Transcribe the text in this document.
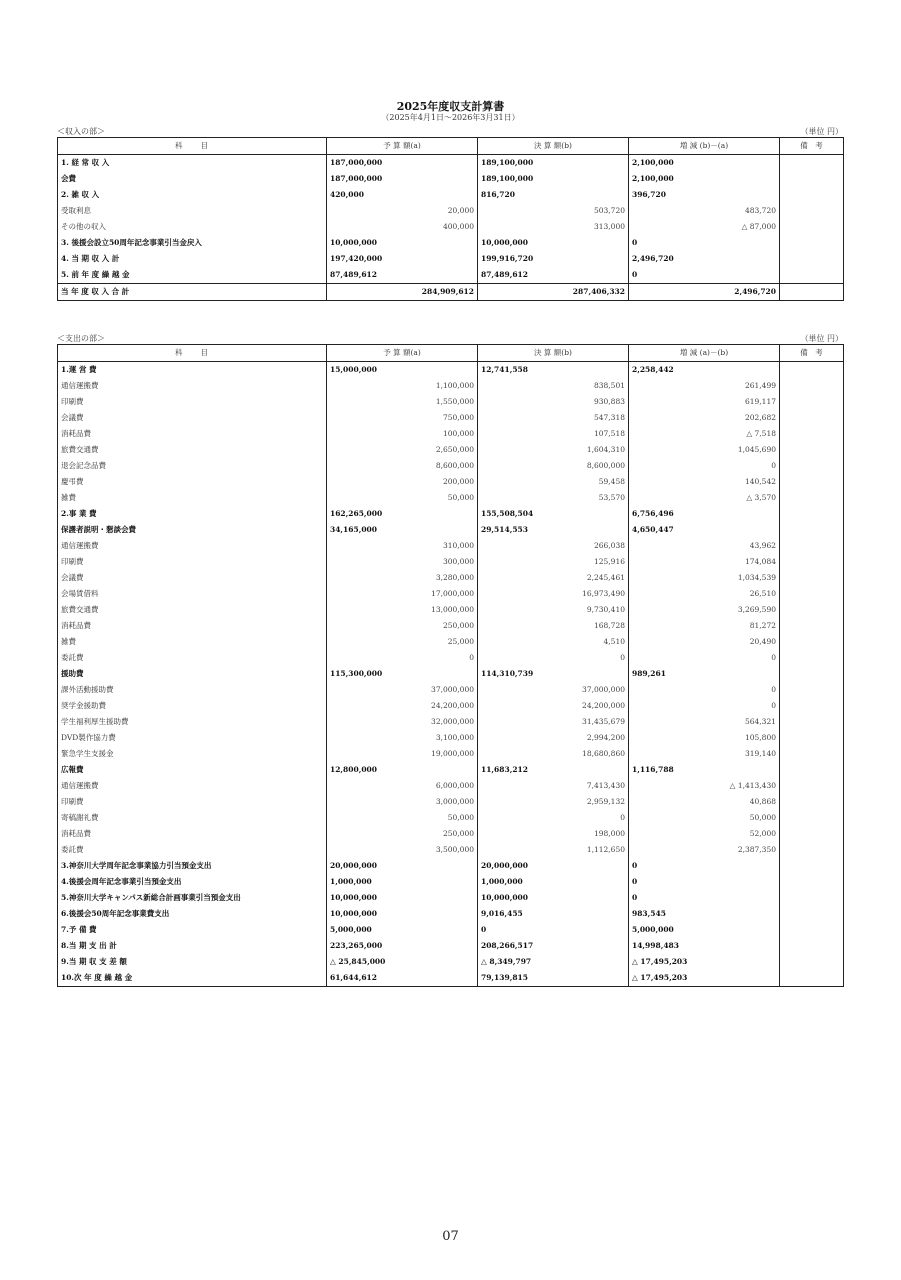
2025年度収支計算書
（2025年4月1日～2026年3月31日）
＜収入の部＞	（単位 円）
科　　目	予 算 額(a)	決 算 額(b)	増 減 (b)－(a)	備　考
1. 経 常 収 入	187,000,000	189,100,000	2,100,000	
会費	187,000,000	189,100,000	2,100,000	
2. 雑 収 入	420,000	816,720	396,720	
受取利息	20,000	503,720	483,720	
その他の収入	400,000	313,000	△ 87,000	
3. 後援会設立50周年記念事業引当金戻入	10,000,000	10,000,000	0	
4. 当 期 収 入 計	197,420,000	199,916,720	2,496,720	
5. 前 年 度 繰 越 金	87,489,612	87,489,612	0	
当 年 度 収 入 合 計	284,909,612	287,406,332	2,496,720	
＜支出の部＞	（単位 円）
科　　目	予 算 額(a)	決 算 額(b)	増 減 (a)－(b)	備　考
1.運 営 費	15,000,000	12,741,558	2,258,442	
通信運搬費	1,100,000	838,501	261,499	
印刷費	1,550,000	930,883	619,117	
会議費	750,000	547,318	202,682	
消耗品費	100,000	107,518	△ 7,518	
旅費交通費	2,650,000	1,604,310	1,045,690	
退会記念品費	8,600,000	8,600,000	0	
慶弔費	200,000	59,458	140,542	
雑費	50,000	53,570	△ 3,570	
2.事 業 費	162,265,000	155,508,504	6,756,496	
保護者説明・懇談会費	34,165,000	29,514,553	4,650,447	
通信運搬費	310,000	266,038	43,962	
印刷費	300,000	125,916	174,084	
会議費	3,280,000	2,245,461	1,034,539	
会場賃借料	17,000,000	16,973,490	26,510	
旅費交通費	13,000,000	9,730,410	3,269,590	
消耗品費	250,000	168,728	81,272	
雑費	25,000	4,510	20,490	
委託費	0	0	0	
援助費	115,300,000	114,310,739	989,261	
課外活動援助費	37,000,000	37,000,000	0	
奨学金援助費	24,200,000	24,200,000	0	
学生福利厚生援助費	32,000,000	31,435,679	564,321	
DVD製作協力費	3,100,000	2,994,200	105,800	
緊急学生支援金	19,000,000	18,680,860	319,140	
広報費	12,800,000	11,683,212	1,116,788	
通信運搬費	6,000,000	7,413,430	△ 1,413,430	
印刷費	3,000,000	2,959,132	40,868	
寄稿謝礼費	50,000	0	50,000	
消耗品費	250,000	198,000	52,000	
委託費	3,500,000	1,112,650	2,387,350	
3.神奈川大学周年記念事業協力引当預金支出	20,000,000	20,000,000	0	
4.後援会周年記念事業引当預金支出	1,000,000	1,000,000	0	
5.神奈川大学キャンパス新総合計画事業引当預金支出	10,000,000	10,000,000	0	
6.後援会50周年記念事業費支出	10,000,000	9,016,455	983,545	
7.予 備 費	5,000,000	0	5,000,000	
8.当 期 支 出 計	223,265,000	208,266,517	14,998,483	
9.当 期 収 支 差 額	△ 25,845,000	△ 8,349,797	△ 17,495,203	
10.次 年 度 繰 越 金	61,644,612	79,139,815	△ 17,495,203	
07
